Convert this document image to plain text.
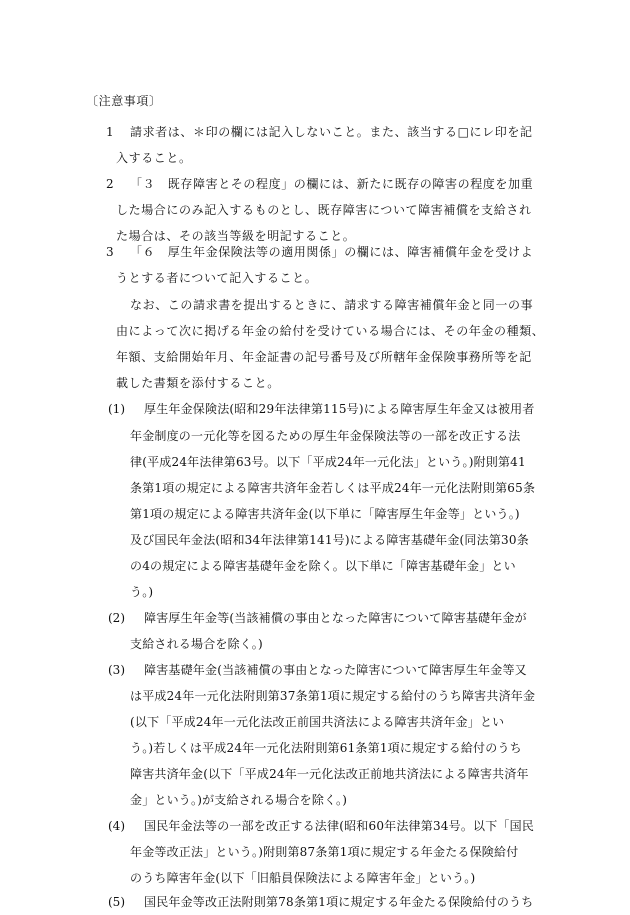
〔注意事項〕
1 請求者は、＊印の欄には記入しないこと。また、該当する□にレ印を記
入すること。
2 「３　既存障害とその程度」の欄には、新たに既存の障害の程度を加重
した場合にのみ記入するものとし、既存障害について障害補償を支給され
た場合は、その該当等級を明記すること。
3 「６　厚生年金保険法等の適用関係」の欄には、障害補償年金を受けよ
うとする者について記入すること。
なお、この請求書を提出するときに、請求する障害補償年金と同一の事
由によって次に掲げる年金の給付を受けている場合には、その年金の種類、
年額、支給開始年月、年金証書の記号番号及び所轄年金保険事務所等を記
載した書類を添付すること。
(1) 厚生年金保険法(昭和29年法律第115号)による障害厚生年金又は被用者
年金制度の一元化等を図るための厚生年金保険法等の一部を改正する法
律(平成24年法律第63号。以下「平成24年一元化法」という。)附則第41
条第1項の規定による障害共済年金若しくは平成24年一元化法附則第65条
第1項の規定による障害共済年金(以下単に「障害厚生年金等」という。)
及び国民年金法(昭和34年法律第141号)による障害基礎年金(同法第30条
の4の規定による障害基礎年金を除く。以下単に「障害基礎年金」とい
う。)
(2) 障害厚生年金等(当該補償の事由となった障害について障害基礎年金が
支給される場合を除く。)
(3) 障害基礎年金(当該補償の事由となった障害について障害厚生年金等又
は平成24年一元化法附則第37条第1項に規定する給付のうち障害共済年金
(以下「平成24年一元化法改正前国共済法による障害共済年金」とい
う。)若しくは平成24年一元化法附則第61条第1項に規定する給付のうち
障害共済年金(以下「平成24年一元化法改正前地共済法による障害共済年
金」という。)が支給される場合を除く。)
(4) 国民年金法等の一部を改正する法律(昭和60年法律第34号。以下「国民
年金等改正法」という。)附則第87条第1項に規定する年金たる保険給付
のうち障害年金(以下「旧船員保険法による障害年金」という。)
(5) 国民年金等改正法附則第78条第1項に規定する年金たる保険給付のうち
